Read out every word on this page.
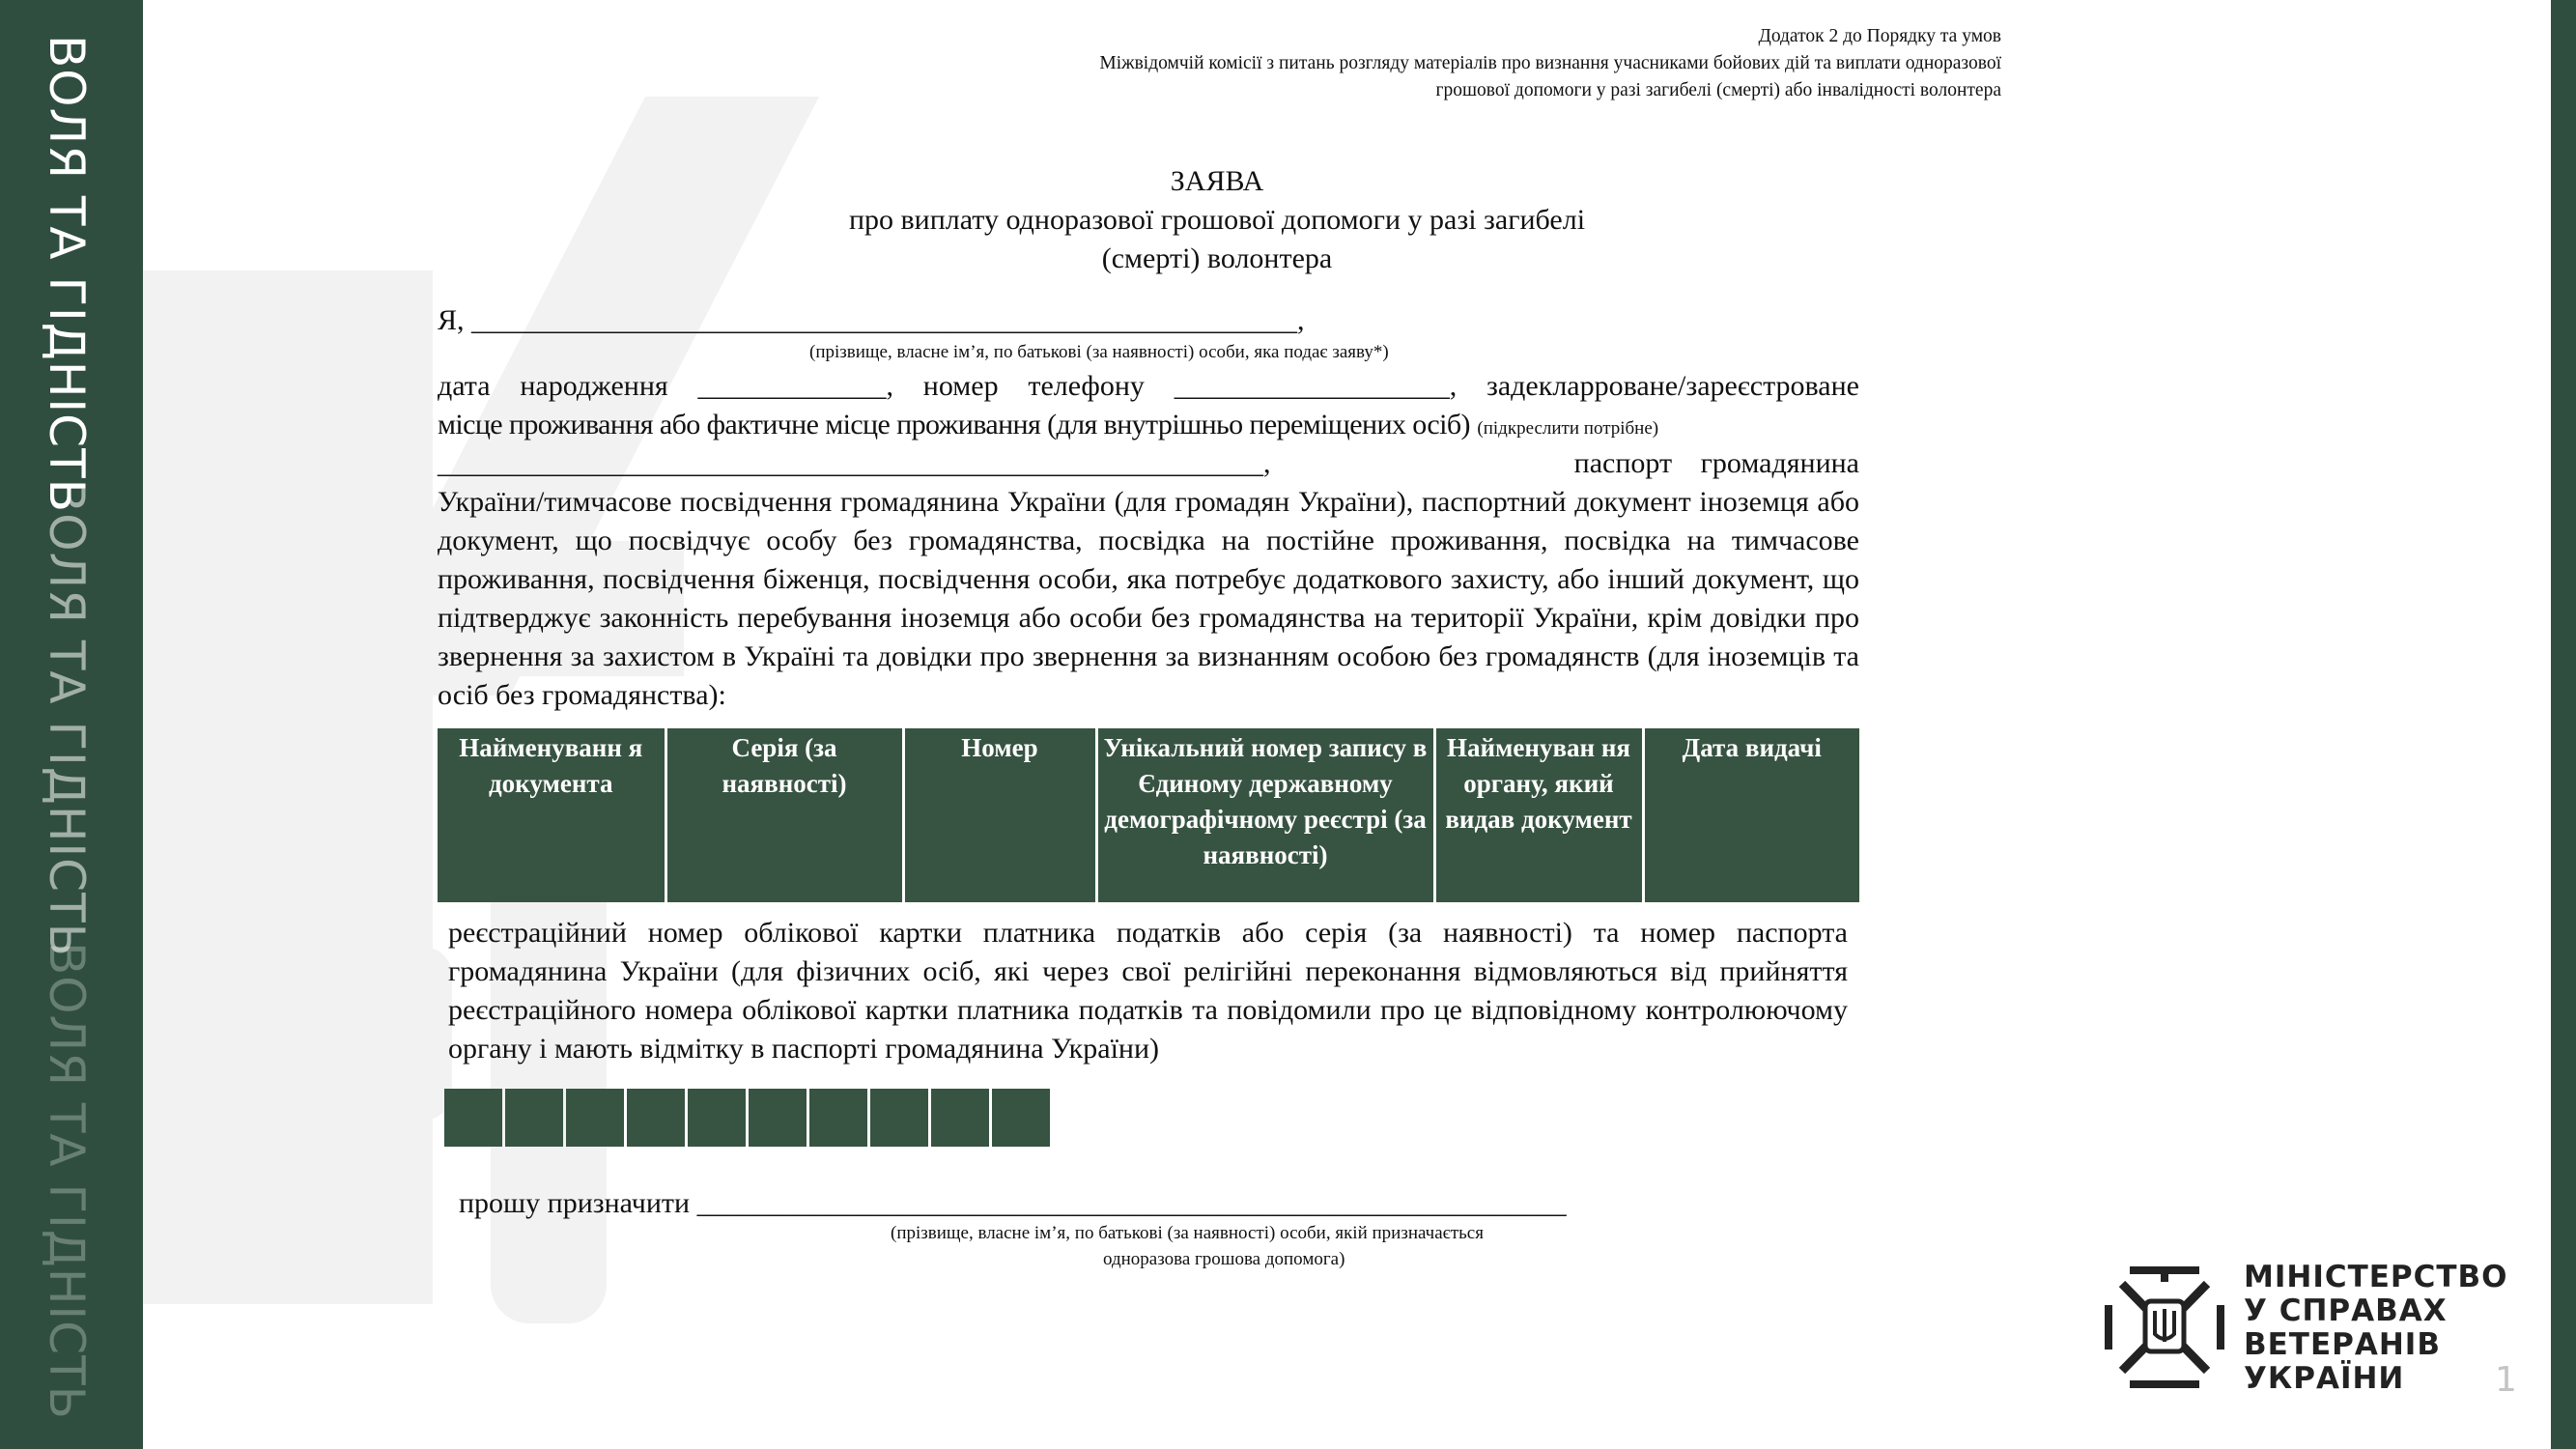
ВОЛЯ ТА ГІДНІСТЬ
ВОЛЯ ТА ГІДНІСТЬ
ВОЛЯ ТА ГІДНІСТЬ
Додаток 2 до Порядку та умов
Міжвідомчій комісії з питань розгляду матеріалів про визнання учасниками бойових дій та виплати одноразової
грошової допомоги у разі загибелі (смерті) або інвалідності волонтера
ЗАЯВА
про виплату одноразової грошової допомоги у разі загибелі
(смерті) волонтера
Я, _________________________________________________________,
(прізвище, власне ім’я, по батькові (за наявності) особи, яка подає заяву*)
дата народження _____________, номер телефону ___________________, задекларроване/зареєстроване
місце проживання або фактичне місце проживання (для внутрішньо переміщених осіб) (підкреслити потрібне)
_________________________________________________________,	паспорт громадянина
України/тимчасове посвідчення громадянина України (для громадян України), паспортний документ іноземця або документ, що посвідчує особу без громадянства, посвідка на постійне проживання, посвідка на тимчасове проживання, посвідчення біженця, посвідчення особи, яка потребує додаткового захисту, або інший документ, що підтверджує законність перебування іноземця або особи без громадянства на території України, крім довідки про звернення за захистом в Україні та довідки про звернення за визнанням особою без громадянств (для іноземців та осіб без громадянства):
Найменуванн я документа	Серія (за наявності)	Номер	Унікальний номер запису в Єдиному державному демографічному реєстрі (за наявності)	Найменуван ня органу, який видав документ	Дата видачі
реєстраційний номер облікової картки платника податків або серія (за наявності) та номер паспорта громадянина України (для фізичних осіб, які через свої релігійні переконання відмовляються від прийняття реєстраційного номера облікової картки платника податків та повідомили про це відповідному контролюючому органу і мають відмітку в паспорті громадянина України)
прошу призначити ____________________________________________________________
(прізвище, власне ім’я, по батькові (за наявності) особи, якій призначається
одноразова грошова допомога)
МІНІСТЕРСТВО
У СПРАВАХ
ВЕТЕРАНІВ
УКРАЇНИ	1
